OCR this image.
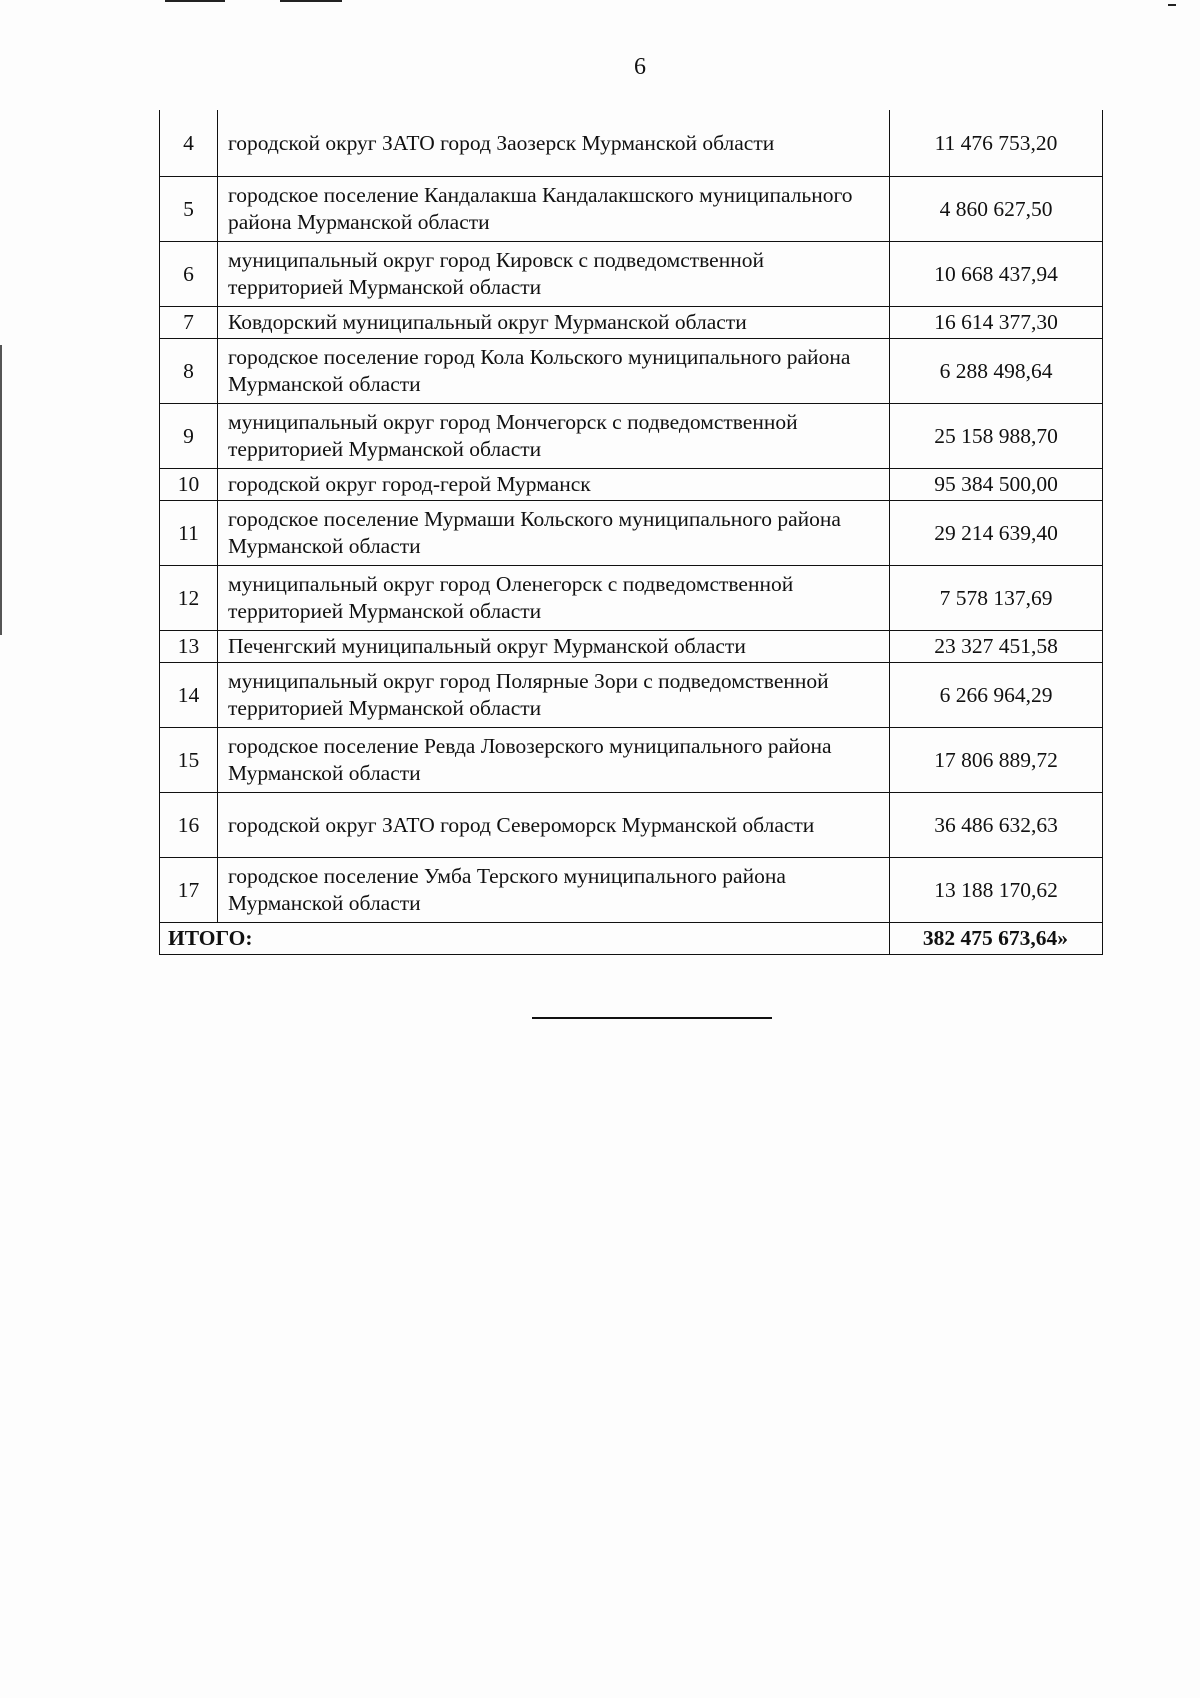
6
4	городской округ ЗАТО город Заозерск Мурманской области	11 476 753,20
5	городское поселение Кандалакша Кандалакшского муниципального района Мурманской области	4 860 627,50
6	муниципальный округ город Кировск с подведомственной территорией Мурманской области	10 668 437,94
7	Ковдорский муниципальный округ Мурманской области	16 614 377,30
8	городское поселение город Кола Кольского муниципального района Мурманской области	6 288 498,64
9	муниципальный округ город Мончегорск с подведомственной территорией Мурманской области	25 158 988,70
10	городской округ город-герой Мурманск	95 384 500,00
11	городское поселение Мурмаши Кольского муниципального района Мурманской области	29 214 639,40
12	муниципальный округ город Оленегорск с подведомственной территорией Мурманской области	7 578 137,69
13	Печенгский муниципальный округ Мурманской области	23 327 451,58
14	муниципальный округ город Полярные Зори с подведомственной территорией Мурманской области	6 266 964,29
15	городское поселение Ревда Ловозерского муниципального района Мурманской области	17 806 889,72
16	городской округ ЗАТО город Североморск Мурманской области	36 486 632,63
17	городское поселение Умба Терского муниципального района Мурманской области	13 188 170,62
ИТОГО:		382 475 673,64»
